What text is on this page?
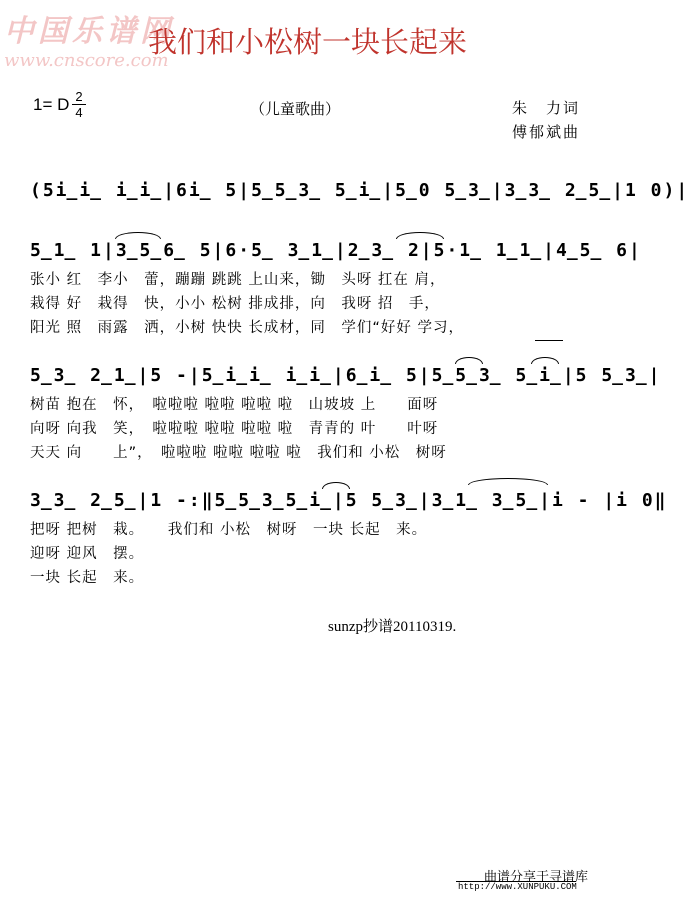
中国乐谱网
www.cnscore.com
我们和小松树一块长起来
1= D 2
4	（儿童歌曲）	朱　力词
傅郁斌曲
(5i̲i̲ i̲i̲|6i̲ 5|5̲5̲3̲ 5̲i̲|5̲0 5̲3̲|3̲3̲ 2̲5̲|1 0)|
5̲1̲ 1|3̲5̲6̲ 5|6·5̲ 3̲1̲|2̲3̲ 2|5·1̲ 1̲1̲|4̲5̲ 6|
张小 红　李小　蕾，蹦蹦 跳跳 上山来，锄　头呀 扛在 肩，
栽得 好　栽得　快，小小 松树 排成排，向　我呀 招　手，
阳光 照　雨露　洒，小树 快快 长成材，同　学们“好好 学习，
5̲3̲ 2̲1̲|5 -|5̲i̲i̲ i̲i̲|6̲i̲ 5|5̲5̲3̲ 5̲i̲|5 5̲3̲|
树苗 抱在　怀，　啦啦啦 啦啦 啦啦 啦　山坡坡 上　　面呀
向呀 向我　笑，　啦啦啦 啦啦 啦啦 啦　青青的 叶　　叶呀
天天 向　　上”，　啦啦啦 啦啦 啦啦 啦　我们和 小松　树呀
3̲3̲ 2̲5̲|1 -:‖5̲5̲3̲5̲i̲|5 5̲3̲|3̲1̲ 3̲5̲|i - |i 0‖
把呀 把树　栽。　　我们和 小松　树呀　一块 长起　来。
迎呀 迎风　摆。
一块 长起　来。
sunzp抄谱20110319.
曲谱分享于寻谱库
http://www.XUNPUKU.COM
